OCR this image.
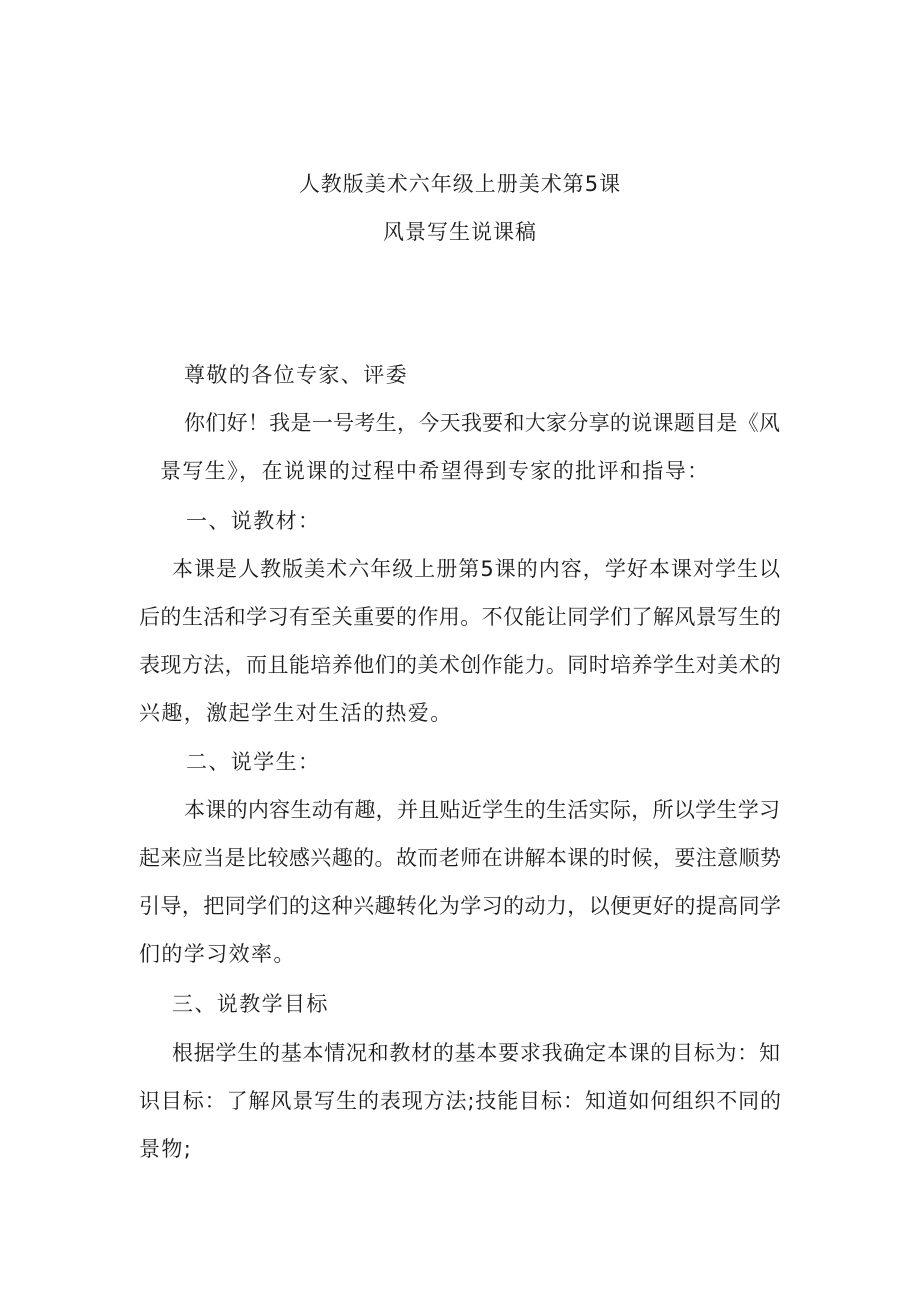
人教版美术六年级上册美术第5课
风景写生说课稿
尊敬的各位专家、评委
你们好！我是一号考生，今天我要和大家分享的说课题目是《风
景写生》，在说课的过程中希望得到专家的批评和指导：
一、说教材：
本课是人教版美术六年级上册第5课的内容，学好本课对学生以
后的生活和学习有至关重要的作用。不仅能让同学们了解风景写生的
表现方法，而且能培养他们的美术创作能力。同时培养学生对美术的
兴趣，激起学生对生活的热爱。
二、说学生：
本课的内容生动有趣，并且贴近学生的生活实际，所以学生学习
起来应当是比较感兴趣的。故而老师在讲解本课的时候，要注意顺势
引导，把同学们的这种兴趣转化为学习的动力，以便更好的提高同学
们的学习效率。
三、说教学目标
根据学生的基本情况和教材的基本要求我确定本课的目标为：知
识目标：了解风景写生的表现方法;技能目标：知道如何组织不同的
景物;
